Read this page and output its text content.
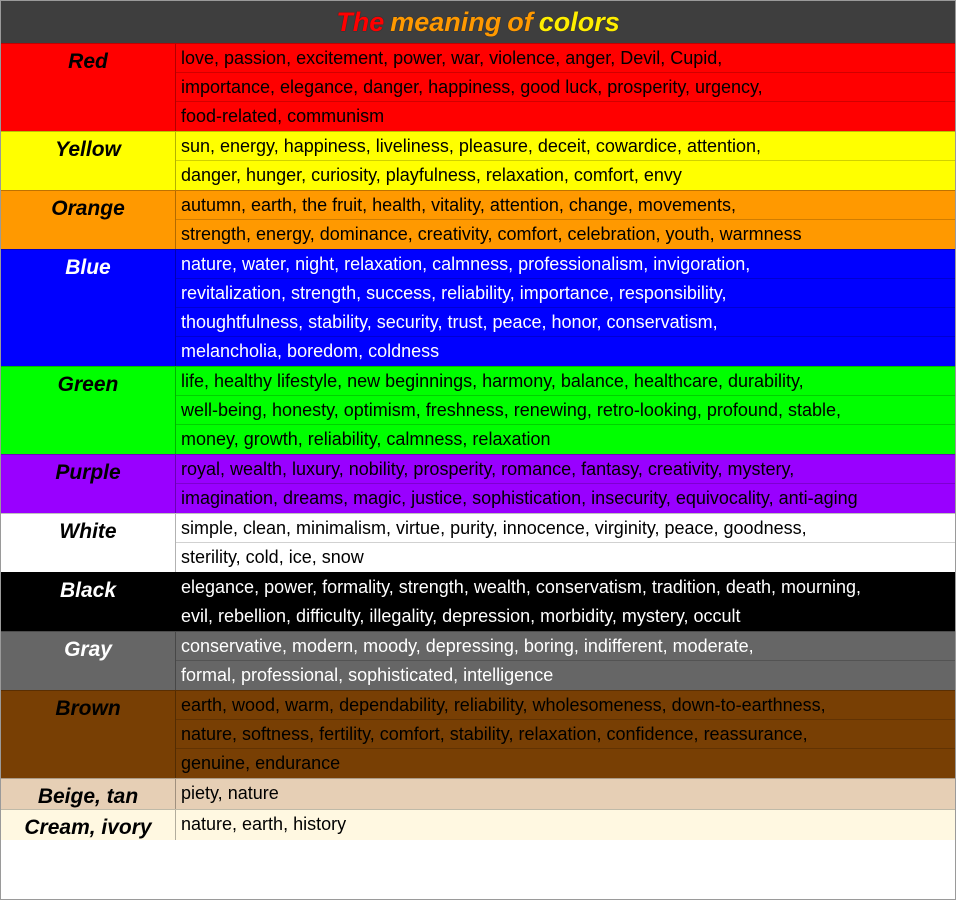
The meaning of colors
Red	love, passion, excitement, power, war, violence, anger, Devil, Cupid,
importance, elegance, danger, happiness, good luck, prosperity, urgency,
food-related, communism
Yellow	sun, energy, happiness, liveliness, pleasure, deceit, cowardice, attention,
danger, hunger, curiosity, playfulness, relaxation, comfort, envy
Orange	autumn, earth, the fruit, health, vitality, attention, change, movements,
strength, energy, dominance, creativity, comfort, celebration, youth, warmness
Blue	nature, water, night, relaxation, calmness, professionalism, invigoration,
revitalization, strength, success, reliability, importance, responsibility,
thoughtfulness, stability, security, trust, peace, honor, conservatism,
melancholia, boredom, coldness
Green	life, healthy lifestyle, new beginnings, harmony, balance, healthcare, durability,
well-being, honesty, optimism, freshness, renewing, retro-looking, profound, stable,
money, growth, reliability, calmness, relaxation
Purple	royal, wealth, luxury, nobility, prosperity, romance, fantasy, creativity, mystery,
imagination, dreams, magic, justice, sophistication, insecurity, equivocality, anti-aging
White	simple, clean, minimalism, virtue, purity, innocence, virginity, peace, goodness,
sterility, cold, ice, snow
Black	elegance, power, formality, strength, wealth, conservatism, tradition, death, mourning,
evil, rebellion, difficulty, illegality, depression, morbidity, mystery, occult
Gray	conservative, modern, moody, depressing, boring, indifferent, moderate,
formal, professional, sophisticated, intelligence
Brown	earth, wood, warm, dependability, reliability, wholesomeness, down-to-earthness,
nature, softness, fertility, comfort, stability, relaxation, confidence, reassurance,
genuine, endurance
Beige, tan	piety, nature
Cream, ivory	nature, earth, history
